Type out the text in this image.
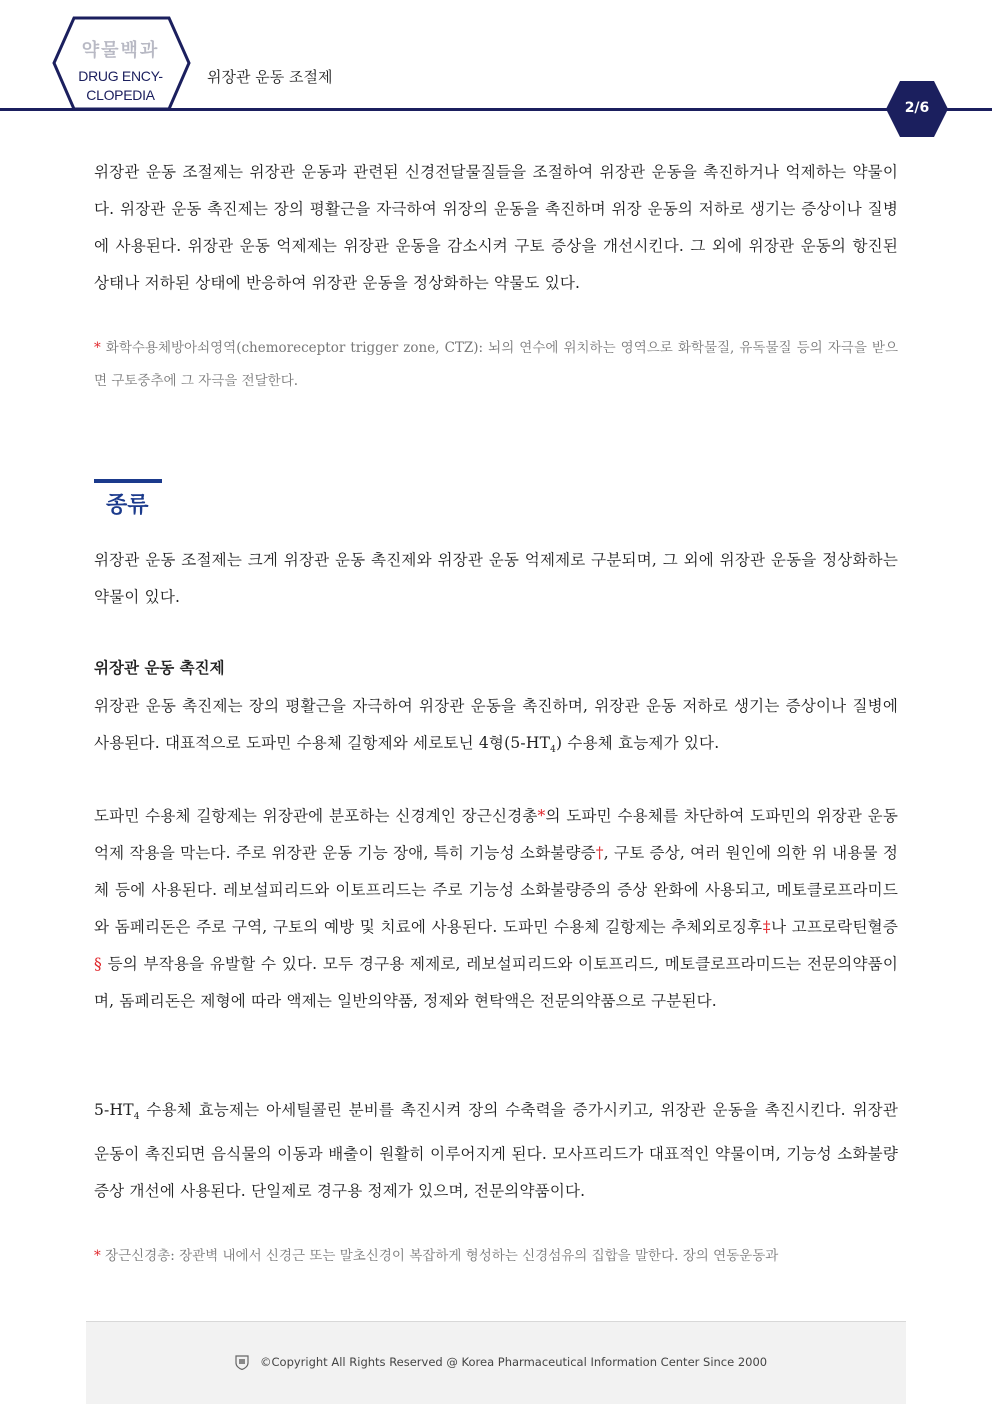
약물백과
DRUG ENCY-
CLOPEDIA
위장관 운동 조절제
2/6
위장관 운동 조절제는 위장관 운동과 관련된 신경전달물질들을 조절하여 위장관 운동을 촉진하거나 억제하는 약물이다. 위장관 운동 촉진제는 장의 평활근을 자극하여 위장의 운동을 촉진하며 위장 운동의 저하로 생기는 증상이나 질병에 사용된다. 위장관 운동 억제제는 위장관 운동을 감소시켜 구토 증상을 개선시킨다. 그 외에 위장관 운동의 항진된 상태나 저하된 상태에 반응하여 위장관 운동을 정상화하는 약물도 있다.
* 화학수용체방아쇠영역(chemoreceptor trigger zone, CTZ): 뇌의 연수에 위치하는 영역으로 화학물질, 유독물질 등의 자극을 받으면 구토중추에 그 자극을 전달한다.
종류
위장관 운동 조절제는 크게 위장관 운동 촉진제와 위장관 운동 억제제로 구분되며, 그 외에 위장관 운동을 정상화하는 약물이 있다.
위장관 운동 촉진제
위장관 운동 촉진제는 장의 평활근을 자극하여 위장관 운동을 촉진하며, 위장관 운동 저하로 생기는 증상이나 질병에 사용된다. 대표적으로 도파민 수용체 길항제와 세로토닌 4형$(5-HT_4)$ 수용체 효능제가 있다.
도파민 수용체 길항제는 위장관에 분포하는 신경계인 장근신경총*의 도파민 수용체를 차단하여 도파민의 위장관 운동 억제 작용을 막는다. 주로 위장관 운동 기능 장애, 특히 기능성 소화불량증†, 구토 증상, 여러 원인에 의한 위 내용물 정체 등에 사용된다. 레보설피리드와 이토프리드는 주로 기능성 소화불량증의 증상 완화에 사용되고, 메토클로프라미드와 돔페리돈은 주로 구역, 구토의 예방 및 치료에 사용된다. 도파민 수용체 길항제는 추체외로징후‡나 고프로락틴혈증§ 등의 부작용을 유발할 수 있다. 모두 경구용 제제로, 레보설피리드와 이토프리드, 메토클로프라미드는 전문의약품이며, 돔페리돈은 제형에 따라 액제는 일반의약품, 정제와 현탁액은 전문의약품으로 구분된다.
$5-HT_4$ 수용체 효능제는 아세틸콜린 분비를 촉진시켜 장의 수축력을 증가시키고, 위장관 운동을 촉진시킨다. 위장관 운동이 촉진되면 음식물의 이동과 배출이 원활히 이루어지게 된다. 모사프리드가 대표적인 약물이며, 기능성 소화불량 증상 개선에 사용된다. 단일제로 경구용 정제가 있으며, 전문의약품이다.
* 장근신경총: 장관벽 내에서 신경근 또는 말초신경이 복잡하게 형성하는 신경섬유의 집합을 말한다. 장의 연동운동과
©Copyright All Rights Reserved @ Korea Pharmaceutical Information Center Since 2000
